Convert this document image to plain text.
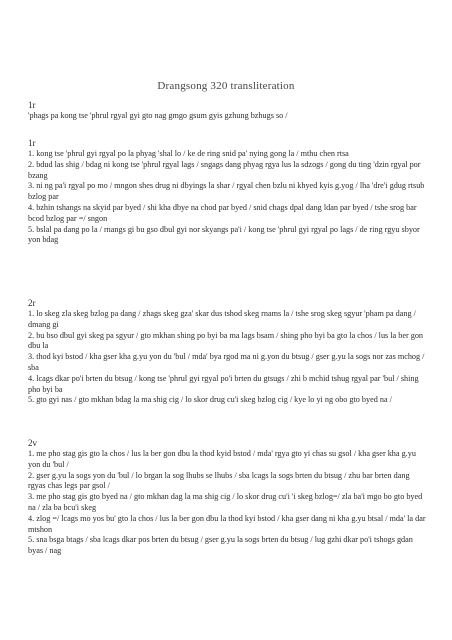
Drangsong 320 transliteration

1r

'phags pa kong tse 'phrul rgyal gyi gto nag gmgo gsum gyis gzhung bzhugs so /

1r

1. kong tse 'phrul gyi rgyal po la phyag 'shal lo / ke de ring snid pa' nying gong la / mthu chen rtsa

2. bdud las shig / bdag ni kong tse 'phrul rgyal lags / sngags dang phyag rgya lus la sdzogs / gong du ting 'dzin rgyal por bzang

3. ni ng pa'i rgyal po mo / mngon shes drug ni dbyings la shar / rgyal chen bzlu ni khyed kyis g.yog / lha 'dre'i gdug rtsub bzlog par

4. bzhin tshangs na skyid par byed / shi kha dbye na chod par byed / snid chags dpal dang ldan par byed / tshe srog bar bcod bzlog par =/ sngon

5. bslal pa dang po la / rnangs gi bu gso dbul gyi nor skyangs pa'i / kong tse 'phrul gyi rgyal po lags / de ring rgyu sbyor yon bdag

2r

1. lo skeg zla skeg bzlog pa dang / zhags skeg gza' skar dus tshod skeg rnams la / tshe srog skeg sgyur 'pham pa dang / dmang gi

2. bu bso dbul gyi skeg pa sgyur / gto mkhan shing po byi ba ma lags bsam / shing pho byi ba gto la chos / lus la ber gon dbu la

3. thod kyi bstod / kha gser kha g.yu yon du 'bul / mda' bya rgod ma ni g.yon du btsug / gser g.yu la sogs nor zas mchog / sba

4. lcags dkar po'i brten du btsug / kong tse 'phrul gyi rgyal po'i brten du gtsugs / zhi b mchid tshug rgyal par 'bul / shing pho byi ba

5. gto gyi nas / gto mkhan bdag la ma shig cig / lo skor drug cu'i skeg bzlog cig / kye lo yi ng obo gto byed na /

2v

1. me pho stag gis gto la chos / lus la ber gon dbu la thod kyid bstod / mda' rgya gto yi chas su gsol / kha gser kha g.yu yon du 'bul /

2. gser g.yu la sogs yon du 'bul / lo brgan la sog lhubs se lhubs / sba lcags la sogs brten du btsug / zhu bar brten dang rgyas chas legs par gsol /

3. me pho stag gis gto byed na / gto mkhan dag la ma shig cig / lo skor drug cu'i 'i skeg bzlog=/ zla ba'i mgo bo gto byed na / zla ba bcu'i skeg

4. zlog =/ lcags mo yos bu' gto la chos / lus la ber gon dbu la thod kyi bstod / kha gser dang ni kha g.yu btsal / mda' la dar mtshon

5. sna bsga btags / sba lcags dkar pos brten du btsug / gser g.yu la sogs brten du btsug / lug gzhi dkar po'i tshogs gdan byas / nag
